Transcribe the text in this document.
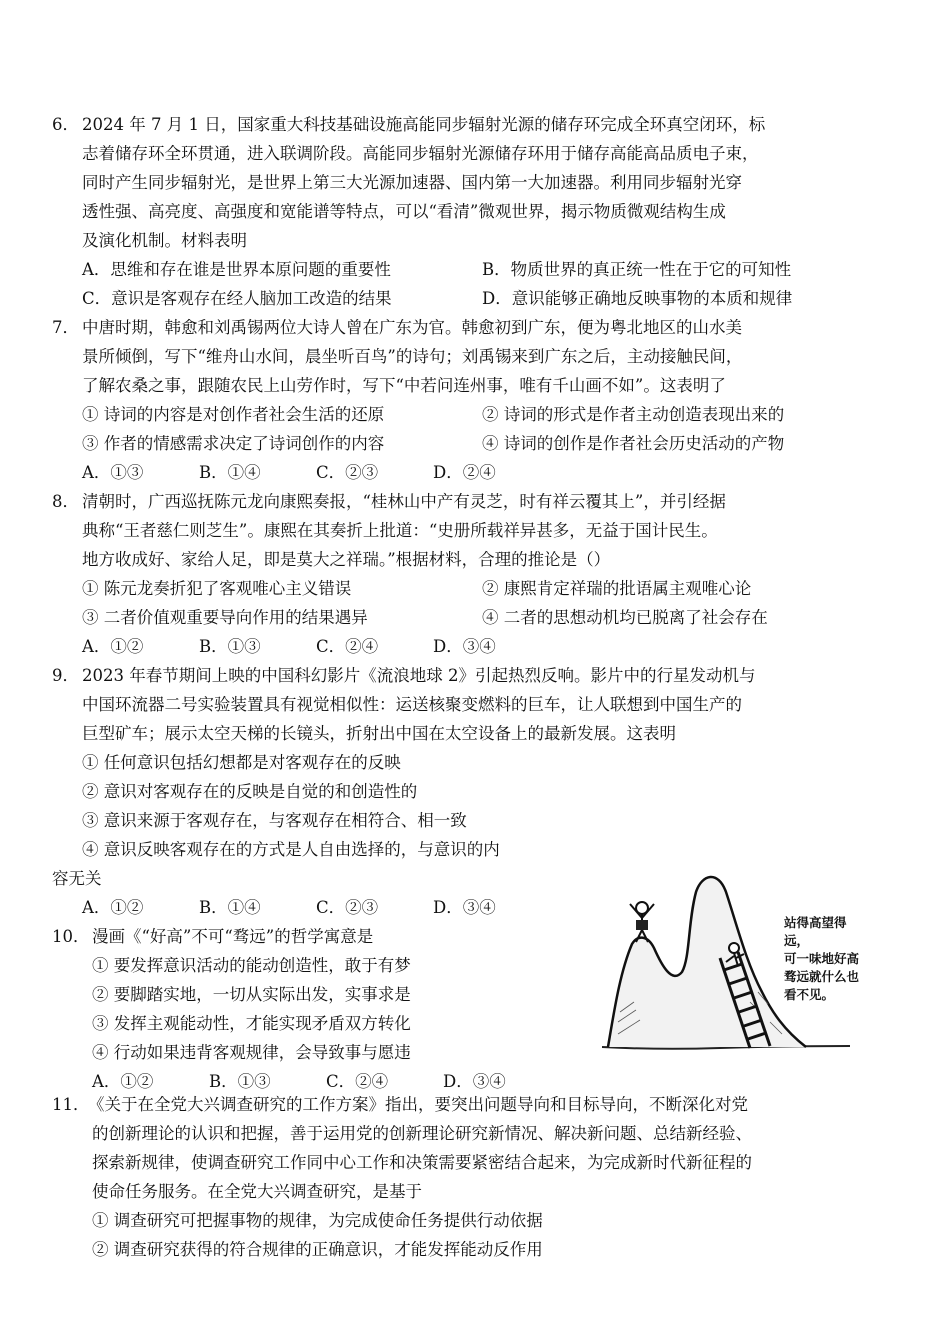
6． 2024 年 7 月 1 日，国家重大科技基础设施高能同步辐射光源的储存环完成全环真空闭环，标
志着储存环全环贯通，进入联调阶段。高能同步辐射光源储存环用于储存高能高品质电子束，
同时产生同步辐射光，是世界上第三大光源加速器、国内第一大加速器。利用同步辐射光穿
透性强、高亮度、高强度和宽能谱等特点，可以“看清”微观世界，揭示物质微观结构生成
及演化机制。材料表明
A．思维和存在谁是世界本原问题的重要性	B．物质世界的真正统一性在于它的可知性
C．意识是客观存在经人脑加工改造的结果	D．意识能够正确地反映事物的本质和规律
7． 中唐时期，韩愈和刘禹锡两位大诗人曾在广东为官。韩愈初到广东，便为粤北地区的山水美
景所倾倒，写下“维舟山水间，晨坐听百鸟”的诗句；刘禹锡来到广东之后，主动接触民间，
了解农桑之事，跟随农民上山劳作时，写下“中若问连州事，唯有千山画不如”。这表明了
① 诗词的内容是对创作者社会生活的还原	② 诗词的形式是作者主动创造表现出来的
③ 作者的情感需求决定了诗词创作的内容	④ 诗词的创作是作者社会历史活动的产物
A．①③	B．①④	C．②③	D．②④
8． 清朝时，广西巡抚陈元龙向康熙奏报，“桂林山中产有灵芝，时有祥云覆其上”，并引经据
典称“王者慈仁则芝生”。康熙在其奏折上批道：“史册所载祥异甚多，无益于国计民生。
地方收成好、家给人足，即是莫大之祥瑞。”根据材料，合理的推论是（）
① 陈元龙奏折犯了客观唯心主义错误	② 康熙肯定祥瑞的批语属主观唯心论
③ 二者价值观重要导向作用的结果遇异	④ 二者的思想动机均已脱离了社会存在
A．①②	B．①③	C．②④	D．③④
9． 2023 年春节期间上映的中国科幻影片《流浪地球 2》引起热烈反响。影片中的行星发动机与
中国环流器二号实验装置具有视觉相似性：运送核聚变燃料的巨车，让人联想到中国生产的
巨型矿车；展示太空天梯的长镜头，折射出中国在太空设备上的最新发展。这表明
① 任何意识包括幻想都是对客观存在的反映
② 意识对客观存在的反映是自觉的和创造性的
③ 意识来源于客观存在，与客观存在相符合、相一致
④ 意识反映客观存在的方式是人自由选择的，与意识的内
容无关
A．①②	B．①④	C．②③	D．③④
10． 漫画《“好高”不可“骛远”的哲学寓意是
① 要发挥意识活动的能动创造性，敢于有梦
② 要脚踏实地，一切从实际出发，实事求是
③ 发挥主观能动性，才能实现矛盾双方转化
④ 行动如果违背客观规律，会导致事与愿违
A．①②	B．①③	C．②④	D．③④
站得高望得远，
可一味地好高
骛远就什么也
看不见。
11．
《关于在全党大兴调查研究的工作方案》指出，要突出问题导向和目标导向，不断深化对党
的创新理论的认识和把握，善于运用党的创新理论研究新情况、解决新问题、总结新经验、
探索新规律，使调查研究工作同中心工作和决策需要紧密结合起来，为完成新时代新征程的
使命任务服务。在全党大兴调查研究，是基于
① 调查研究可把握事物的规律，为完成使命任务提供行动依据
② 调查研究获得的符合规律的正确意识，才能发挥能动反作用
